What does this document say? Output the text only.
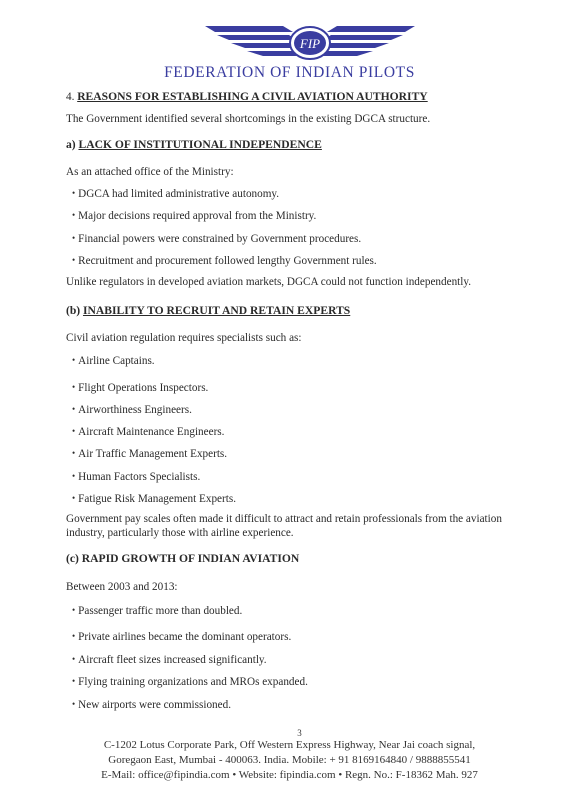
FIP
FEDERATION OF INDIAN PILOTS
4. REASONS FOR ESTABLISHING A CIVIL AVIATION AUTHORITY
The Government identified several shortcomings in the existing DGCA structure.
a) LACK OF INSTITUTIONAL INDEPENDENCE
As an attached office of the Ministry:
• DGCA had limited administrative autonomy.
• Major decisions required approval from the Ministry.
• Financial powers were constrained by Government procedures.
• Recruitment and procurement followed lengthy Government rules.
Unlike regulators in developed aviation markets, DGCA could not function independently.
(b) INABILITY TO RECRUIT AND RETAIN EXPERTS
Civil aviation regulation requires specialists such as:
• Airline Captains.
• Flight Operations Inspectors.
• Airworthiness Engineers.
• Aircraft Maintenance Engineers.
• Air Traffic Management Experts.
• Human Factors Specialists.
• Fatigue Risk Management Experts.
Government pay scales often made it difficult to attract and retain professionals from the aviation industry, particularly those with airline experience.
(c) RAPID GROWTH OF INDIAN AVIATION
Between 2003 and 2013:
• Passenger traffic more than doubled.
• Private airlines became the dominant operators.
• Aircraft fleet sizes increased significantly.
• Flying training organizations and MROs expanded.
• New airports were commissioned.
3
C-1202 Lotus Corporate Park, Off Western Express Highway, Near Jai coach signal,
Goregaon East, Mumbai - 400063. India. Mobile: + 91 8169164840 / 9888855541
E-Mail: office@fipindia.com • Website: fipindia.com • Regn. No.: F-18362 Mah. 927
